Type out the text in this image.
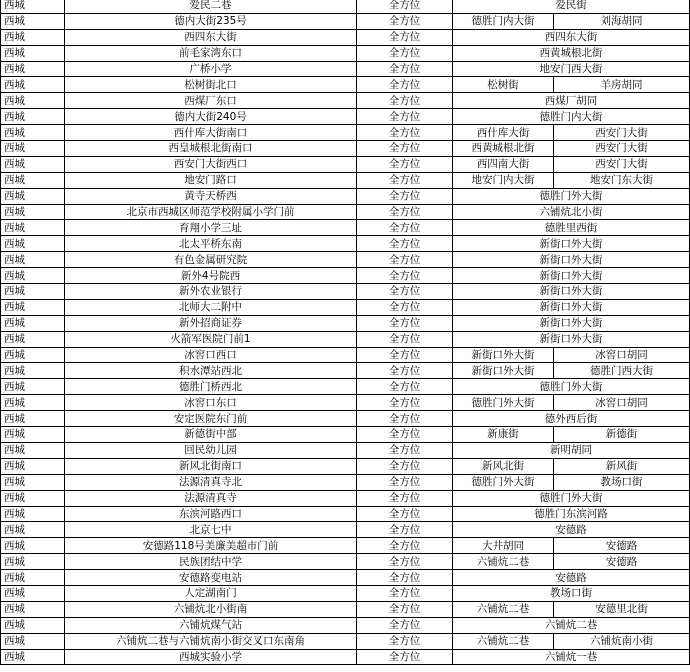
西城	爱民二巷	全方位	爱民街	
西城	德内大街235号	全方位	德胜门内大街	刘海胡同
西城	西四东大街	全方位	西四东大街	
西城	前毛家湾东口	全方位	西黄城根北街	
西城	广桥小学	全方位	地安门西大街	
西城	松树街北口	全方位	松树街	羊房胡同
西城	西煤厂东口	全方位	西煤厂胡同	
西城	德内大街240号	全方位	德胜门内大街	
西城	西什库大街南口	全方位	西什库大街	西安门大街
西城	西皇城根北街南口	全方位	西黄城根北街	西安门大街
西城	西安门大街西口	全方位	西四南大街	西安门大街
西城	地安门路口	全方位	地安门内大街	地安门东大街
西城	黄寺天桥西	全方位	德胜门外大街	
西城	北京市西城区师范学校附属小学门前	全方位	六铺炕北小街	
西城	育翔小学三址	全方位	德胜里西街	
西城	北太平桥东南	全方位	新街口外大街	
西城	有色金属研究院	全方位	新街口外大街	
西城	新外4号院西	全方位	新街口外大街	
西城	新外农业银行	全方位	新街口外大街	
西城	北师大二附中	全方位	新街口外大街	
西城	新外招商证券	全方位	新街口外大街	
西城	火箭军医院门前1	全方位	新街口外大街	
西城	冰窖口西口	全方位	新街口外大街	冰窖口胡同
西城	积水潭站西北	全方位	新街口外大街	德胜门西大街
西城	德胜门桥西北	全方位	德胜门外大街	
西城	冰窖口东口	全方位	德胜门外大街	冰窖口胡同
西城	安定医院东门前	全方位	德外西后街	
西城	新德街中部	全方位	新康街	新德街
西城	回民幼儿园	全方位	新明胡同	
西城	新风北街南口	全方位	新风北街	新风街
西城	法源清真寺北	全方位	德胜门外大街	教场口街
西城	法源清真寺	全方位	德胜门外大街	
西城	东滨河路西口	全方位	德胜门东滨河路	
西城	北京七中	全方位	安德路	
西城	安德路118号美廉美超市门前	全方位	大井胡同	安德路
西城	民族团结中学	全方位	六铺炕二巷	安德路
西城	安德路变电站	全方位	安德路	
西城	人定湖南门	全方位	教场口街	
西城	六铺炕北小街南	全方位	六铺炕二巷	安德里北街
西城	六铺炕煤气站	全方位	六铺炕二巷	
西城	六铺炕二巷与六铺炕南小街交叉口东南角	全方位	六铺炕二巷	六铺炕南小街
西城	西城实验小学	全方位	六铺炕一巷	
